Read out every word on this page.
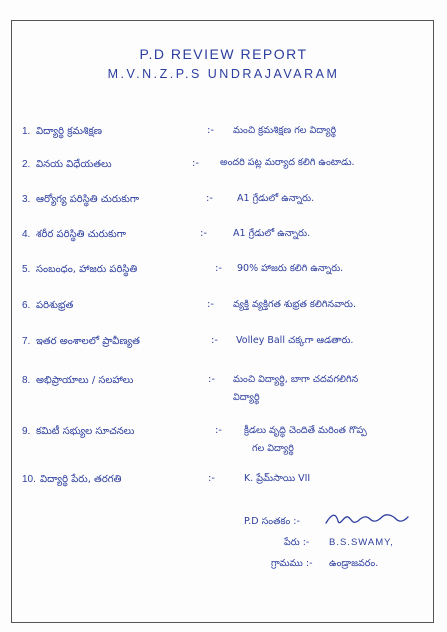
P.D REVIEW REPORT
M.V.N.Z.P.S UNDRAJAVARAM
1. విద్యార్థి క్రమశిక్షణ	:- మంచి క్రమశిక్షణ గల విద్యార్థి
2. వినయ విధేయతలు	:- అందరి పట్ల మర్యాద కలిగి ఉంటాడు.
3. ఆర్యోగ్య పరిస్థితి చురుకుగా	:-	A1 గ్రేడులో ఉన్నారు.
4. శరీర పరిస్థితి చురుకుగా	:-	A1 గ్రేడులో ఉన్నారు.
5. సంబంధం, హాజరు పరిస్థితి	:- 90% హాజరు కలిగి ఉన్నారు.
6. పరిశుభ్రత	:- వ్యక్తి వ్యక్తిగత శుభ్రత కలిగినవారు.
7. ఇతర అంశాలలో ప్రావీణ్యత	:- Volley Ball చక్కగా ఆడతారు.
8. అభిప్రాయాలు / సలహాలు	:- మంచి విద్యార్థి, బాగా చదవగలిగిన
విద్యార్థి
9. కమిటీ సభ్యుల సూచనలు	:- క్రీడలు వృద్ధి చెందితే మరింత గొప్ప
గల విద్యార్థి
10. విద్యార్థి పేరు, తరగతి	:-	K. ప్రేమ్‌సాయి VII
P.D సంతకం :-
పేరు :- B.S.SWAMY,
గ్రామము :- ఉండ్రాజవరం.
